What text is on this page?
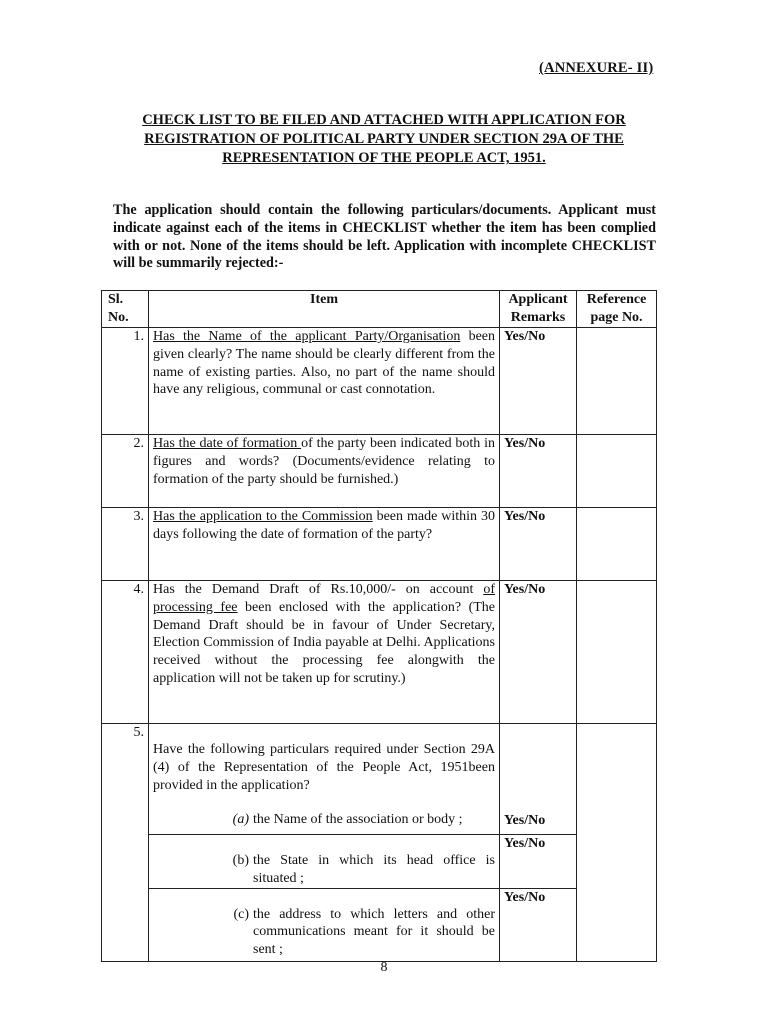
(ANNEXURE- II)
CHECK LIST TO BE FILED AND ATTACHED WITH APPLICATION FOR
REGISTRATION OF POLITICAL PARTY UNDER SECTION 29A OF THE
REPRESENTATION OF THE PEOPLE ACT, 1951.
The application should contain the following particulars/documents. Applicant must indicate against each of the items in CHECKLIST whether the item has been complied with or not. None of the items should be left. Application with incomplete CHECKLIST will be summarily rejected:-
Sl. No.	Item	Applicant Remarks	Reference page No.
1.	Has the Name of the applicant Party/Organisation been given clearly? The name should be clearly different from the name of existing parties. Also, no part of the name should have any religious, communal or cast connotation.	Yes/No	
2.	Has the date of formation of the party been indicated both in figures and words? (Documents/evidence relating to formation of the party should be furnished.)	Yes/No	
3.	Has the application to the Commission been made within 30 days following the date of formation of the party?	Yes/No	
4.	Has the Demand Draft of Rs.10,000/- on account of processing fee been enclosed with the application? (The Demand Draft should be in favour of Under Secretary, Election Commission of India payable at Delhi. Applications received without the processing fee alongwith the application will not be taken up for scrutiny.)	Yes/No	
5.	Have the following particulars required under Section 29A (4) of the Representation of the People Act, 1951been provided in the application?
(a) the Name of the association or body ;	Yes/No	

	(b) the State in which its head office is situated ;	Yes/No	

	(c) the address to which letters and other communications meant for it should be sent ;	Yes/No	
8
